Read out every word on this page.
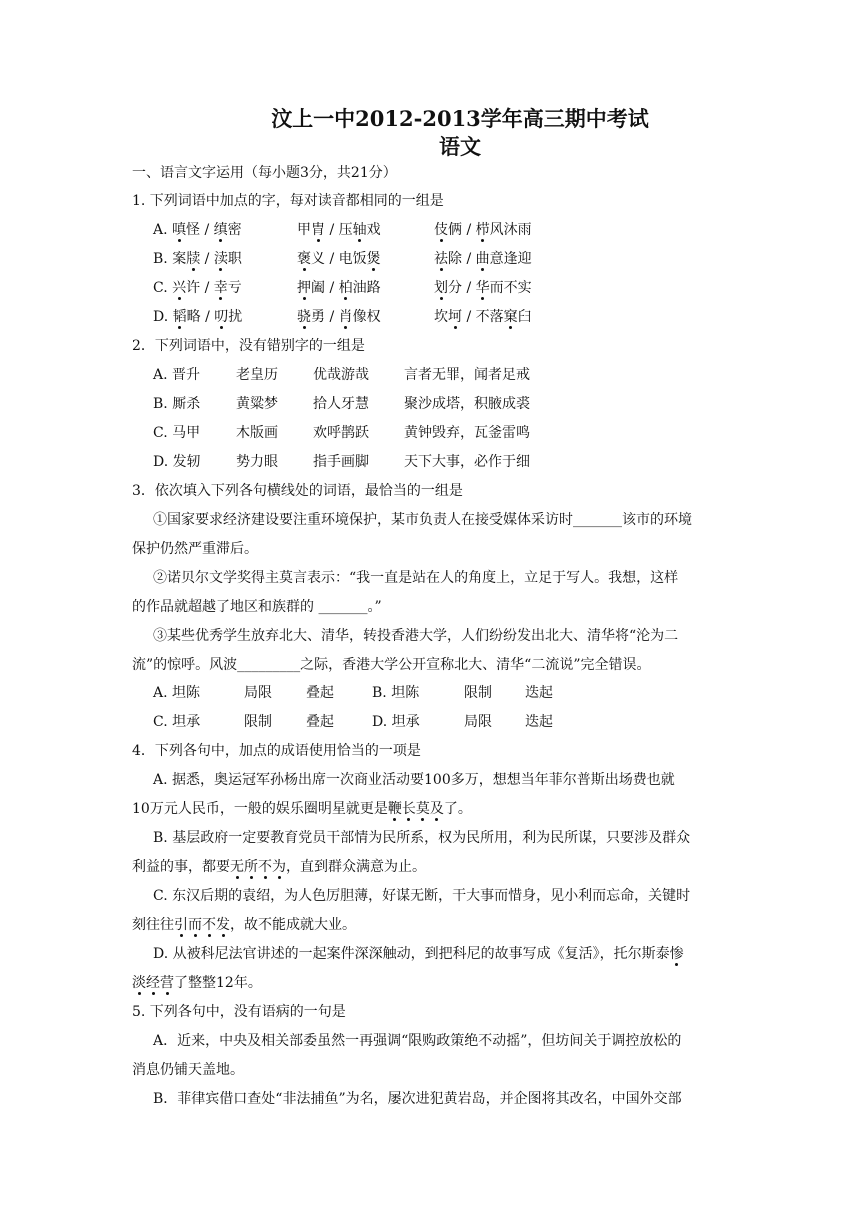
汶上一中2012-2013学年高三期中考试
语文
一、语言文字运用（每小题3分，共21分）
1. 下列词语中加点的字，每对读音都相同的一组是
A. 嗔怪 / 缜密	甲胄 / 压轴戏	伎俩 / 栉风沐雨
B. 案牍 / 渎职	褒义 / 电饭煲	祛除 / 曲意逢迎
C. 兴许 / 幸亏	押阖 / 柏油路	划分 / 华而不实
D. 韬略 / 叨扰	骁勇 / 肖像权	坎坷 / 不落窠臼
2．下列词语中，没有错别字的一组是
A. 晋升	老皇历	优哉游哉	言者无罪，闻者足戒
B. 厮杀	黄粱梦	拾人牙慧	聚沙成塔，积腋成裘
C. 马甲	木版画	欢呼鹊跃	黄钟毁弃，瓦釜雷鸣
D. 发轫	势力眼	指手画脚	天下大事，必作于细
3．依次填入下列各句横线处的词语，最恰当的一组是
①国家要求经济建设要注重环境保护，某市负责人在接受媒体采访时_______该市的环境
保护仍然严重滞后。
②诺贝尔文学奖得主莫言表示：“我一直是站在人的角度上，立足于写人。我想，这样
的作品就超越了地区和族群的 _______。”
③某些优秀学生放弃北大、清华，转投香港大学，人们纷纷发出北大、清华将“沦为二
流”的惊呼。风波_________之际，香港大学公开宣称北大、清华“二流说”完全错误。
A. 坦陈	局限 叠起	B. 坦陈	限制 迭起
C. 坦承	限制 叠起	D. 坦承	局限 迭起
4．下列各句中，加点的成语使用恰当的一项是
A. 据悉，奥运冠军孙杨出席一次商业活动要100多万，想想当年菲尔普斯出场费也就
10万元人民币，一般的娱乐圈明星就更是鞭长莫及了。
B. 基层政府一定要教育党员干部情为民所系，权为民所用，利为民所谋，只要涉及群众
利益的事，都要无所不为，直到群众满意为止。
C. 东汉后期的袁绍，为人色厉胆薄，好谋无断，干大事而惜身，见小利而忘命，关键时
刻往往引而不发，故不能成就大业。
D. 从被科尼法官讲述的一起案件深深触动，到把科尼的故事写成《复活》，托尔斯泰惨
淡经营了整整12年。
5. 下列各句中，没有语病的一句是
A．近来，中央及相关部委虽然一再强调“限购政策绝不动摇”，但坊间关于调控放松的
消息仍铺天盖地。
B．菲律宾借口查处“非法捕鱼”为名，屡次进犯黄岩岛，并企图将其改名，中国外交部
